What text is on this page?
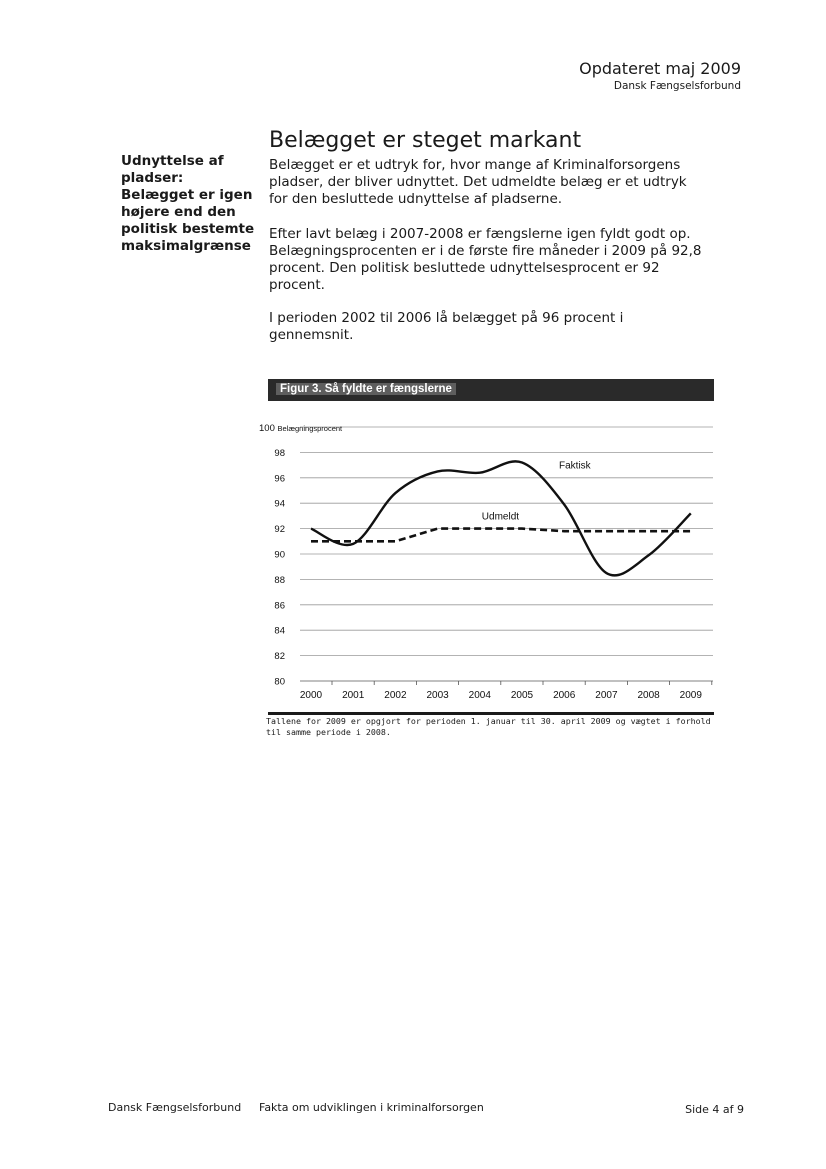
Opdateret maj 2009
Dansk Fængselsforbund
Udnyttelse af
pladser:
Belægget er igen
højere end den
politisk bestemte
maksimalgrænse
Belægget er steget markant
Belægget er et udtryk for, hvor mange af Kriminalforsorgens
pladser, der bliver udnyttet. Det udmeldte belæg er et udtryk
for den besluttede udnyttelse af pladserne.
Efter lavt belæg i 2007-2008 er fængslerne igen fyldt godt op.
Belægningsprocenten er i de første fire måneder i 2009 på 92,8
procent. Den politisk besluttede udnyttelsesprocent er 92
procent.
I perioden 2002 til 2006 lå belægget på 96 procent i
gennemsnit.
Figur 3. Så fyldte er fængslerne
80
82
84
86
88
90
92
94
96
98
100 Belægningsprocent
2000 2001 2002 2003 2004 2005 2006 2007 2008 2009
Faktisk
Udmeldt
Tallene for 2009 er opgjort for perioden 1. januar til 30. april 2009 og vægtet i forhold til samme periode i 2008.
Dansk Fængselsforbund Fakta om udviklingen i kriminalforsorgen	Side 4 af 9
